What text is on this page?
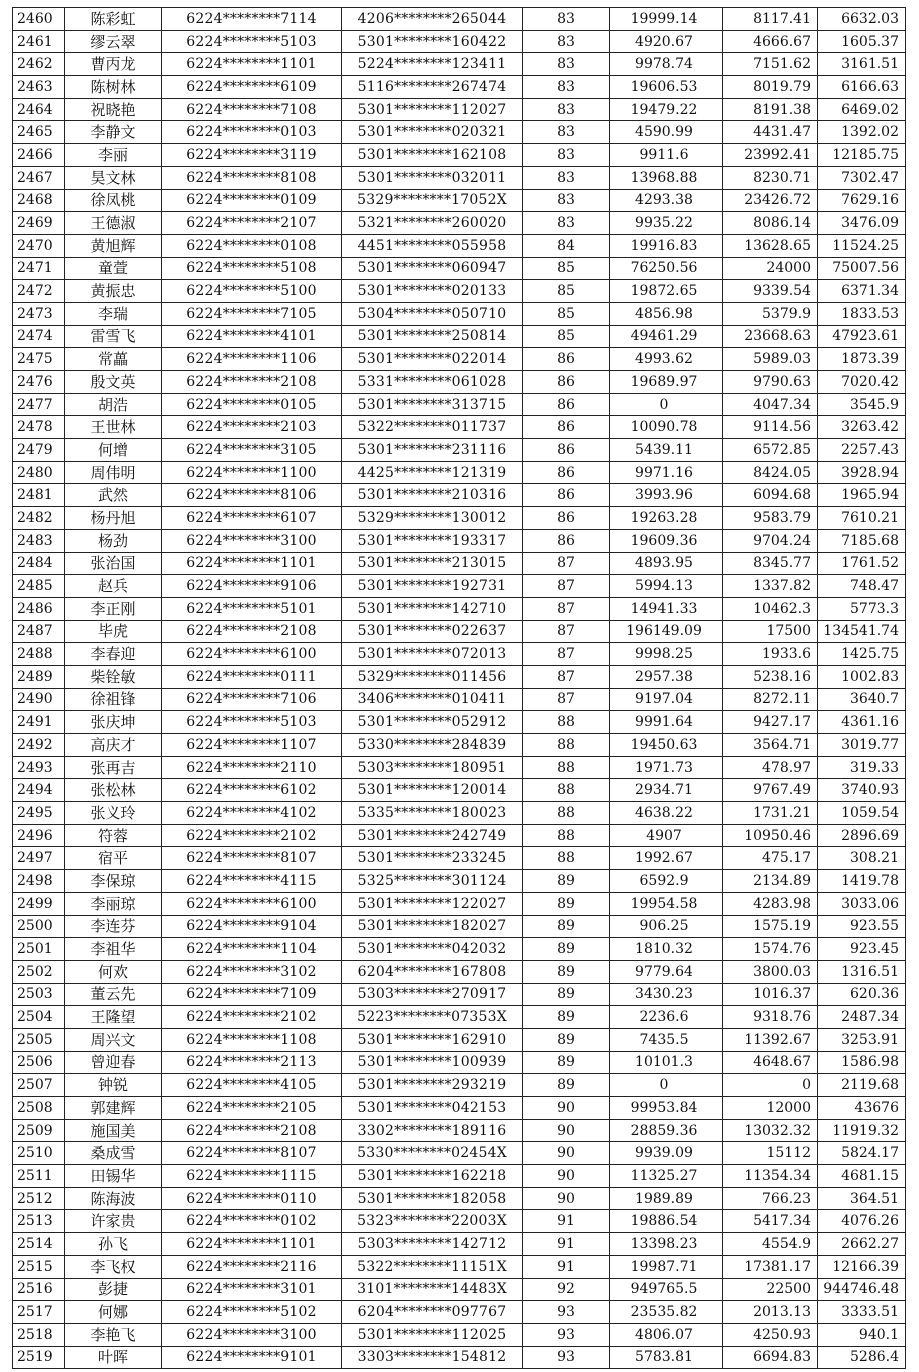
2460	陈彩虹	6224********7114	4206********265044	83	19999.14	8117.41	6632.03
2461	缪云翠	6224********5103	5301********160422	83	4920.67	4666.67	1605.37
2462	曹丙龙	6224********1101	5224********123411	83	9978.74	7151.62	3161.51
2463	陈树林	6224********6109	5116********267474	83	19606.53	8019.79	6166.63
2464	祝晓艳	6224********7108	5301********112027	83	19479.22	8191.38	6469.02
2465	李静文	6224********0103	5301********020321	83	4590.99	4431.47	1392.02
2466	李丽	6224********3119	5301********162108	83	9911.6	23992.41	12185.75
2467	昊文林	6224********8108	5301********032011	83	13968.88	8230.71	7302.47
2468	徐凤桃	6224********0109	5329********17052X	83	4293.38	23426.72	7629.16
2469	王德淑	6224********2107	5321********260020	83	9935.22	8086.14	3476.09
2470	黄旭辉	6224********0108	4451********055958	84	19916.83	13628.65	11524.25
2471	童萱	6224********5108	5301********060947	85	76250.56	24000	75007.56
2472	黄振忠	6224********5100	5301********020133	85	19872.65	9339.54	6371.34
2473	李瑞	6224********7105	5304********050710	85	4856.98	5379.9	1833.53
2474	雷雪飞	6224********4101	5301********250814	85	49461.29	23668.63	47923.61
2475	常藟	6224********1106	5301********022014	86	4993.62	5989.03	1873.39
2476	殷文英	6224********2108	5331********061028	86	19689.97	9790.63	7020.42
2477	胡浩	6224********0105	5301********313715	86	0	4047.34	3545.9
2478	王世林	6224********2103	5322********011737	86	10090.78	9114.56	3263.42
2479	何增	6224********3105	5301********231116	86	5439.11	6572.85	2257.43
2480	周伟明	6224********1100	4425********121319	86	9971.16	8424.05	3928.94
2481	武然	6224********8106	5301********210316	86	3993.96	6094.68	1965.94
2482	杨丹旭	6224********6107	5329********130012	86	19263.28	9583.79	7610.21
2483	杨劲	6224********3100	5301********193317	86	19609.36	9704.24	7185.68
2484	张治国	6224********1101	5301********213015	87	4893.95	8345.77	1761.52
2485	赵兵	6224********9106	5301********192731	87	5994.13	1337.82	748.47
2486	李正刚	6224********5101	5301********142710	87	14941.33	10462.3	5773.3
2487	毕虎	6224********2108	5301********022637	87	196149.09	17500	134541.74
2488	李春迎	6224********6100	5301********072013	87	9998.25	1933.6	1425.75
2489	柴铨敏	6224********0111	5329********011456	87	2957.38	5238.16	1002.83
2490	徐祖锋	6224********7106	3406********010411	87	9197.04	8272.11	3640.7
2491	张庆坤	6224********5103	5301********052912	88	9991.64	9427.17	4361.16
2492	高庆才	6224********1107	5330********284839	88	19450.63	3564.71	3019.77
2493	张再吉	6224********2110	5303********180951	88	1971.73	478.97	319.33
2494	张松林	6224********6102	5301********120014	88	2934.71	9767.49	3740.93
2495	张义玲	6224********4102	5335********180023	88	4638.22	1731.21	1059.54
2496	符蓉	6224********2102	5301********242749	88	4907	10950.46	2896.69
2497	宿平	6224********8107	5301********233245	88	1992.67	475.17	308.21
2498	李保琼	6224********4115	5325********301124	89	6592.9	2134.89	1419.78
2499	李丽琼	6224********6100	5301********122027	89	19954.58	4283.98	3033.06
2500	李连芬	6224********9104	5301********182027	89	906.25	1575.19	923.55
2501	李祖华	6224********1104	5301********042032	89	1810.32	1574.76	923.45
2502	何欢	6224********3102	6204********167808	89	9779.64	3800.03	1316.51
2503	董云先	6224********7109	5303********270917	89	3430.23	1016.37	620.36
2504	王隆望	6224********2102	5223********07353X	89	2236.6	9318.76	2487.34
2505	周兴文	6224********1108	5301********162910	89	7435.5	11392.67	3253.91
2506	曾迎春	6224********2113	5301********100939	89	10101.3	4648.67	1586.98
2507	钟锐	6224********4105	5301********293219	89	0	0	2119.68
2508	郭建辉	6224********2105	5301********042153	90	99953.84	12000	43676
2509	施国美	6224********2108	3302********189116	90	28859.36	13032.32	11919.32
2510	桑成雪	6224********8107	5330********02454X	90	9939.09	15112	5824.17
2511	田锡华	6224********1115	5301********162218	90	11325.27	11354.34	4681.15
2512	陈海波	6224********0110	5301********182058	90	1989.89	766.23	364.51
2513	许家贵	6224********0102	5323********22003X	91	19886.54	5417.34	4076.26
2514	孙飞	6224********1101	5303********142712	91	13398.23	4554.9	2662.27
2515	李飞权	6224********2116	5322********11151X	91	19987.71	17381.17	12166.39
2516	彭捷	6224********3101	3101********14483X	92	949765.5	22500	944746.48
2517	何娜	6224********5102	6204********097767	93	23535.82	2013.13	3333.51
2518	李艳飞	6224********3100	5301********112025	93	4806.07	4250.93	940.1
2519	叶晖	6224********9101	3303********154812	93	5783.81	6694.83	5286.4
